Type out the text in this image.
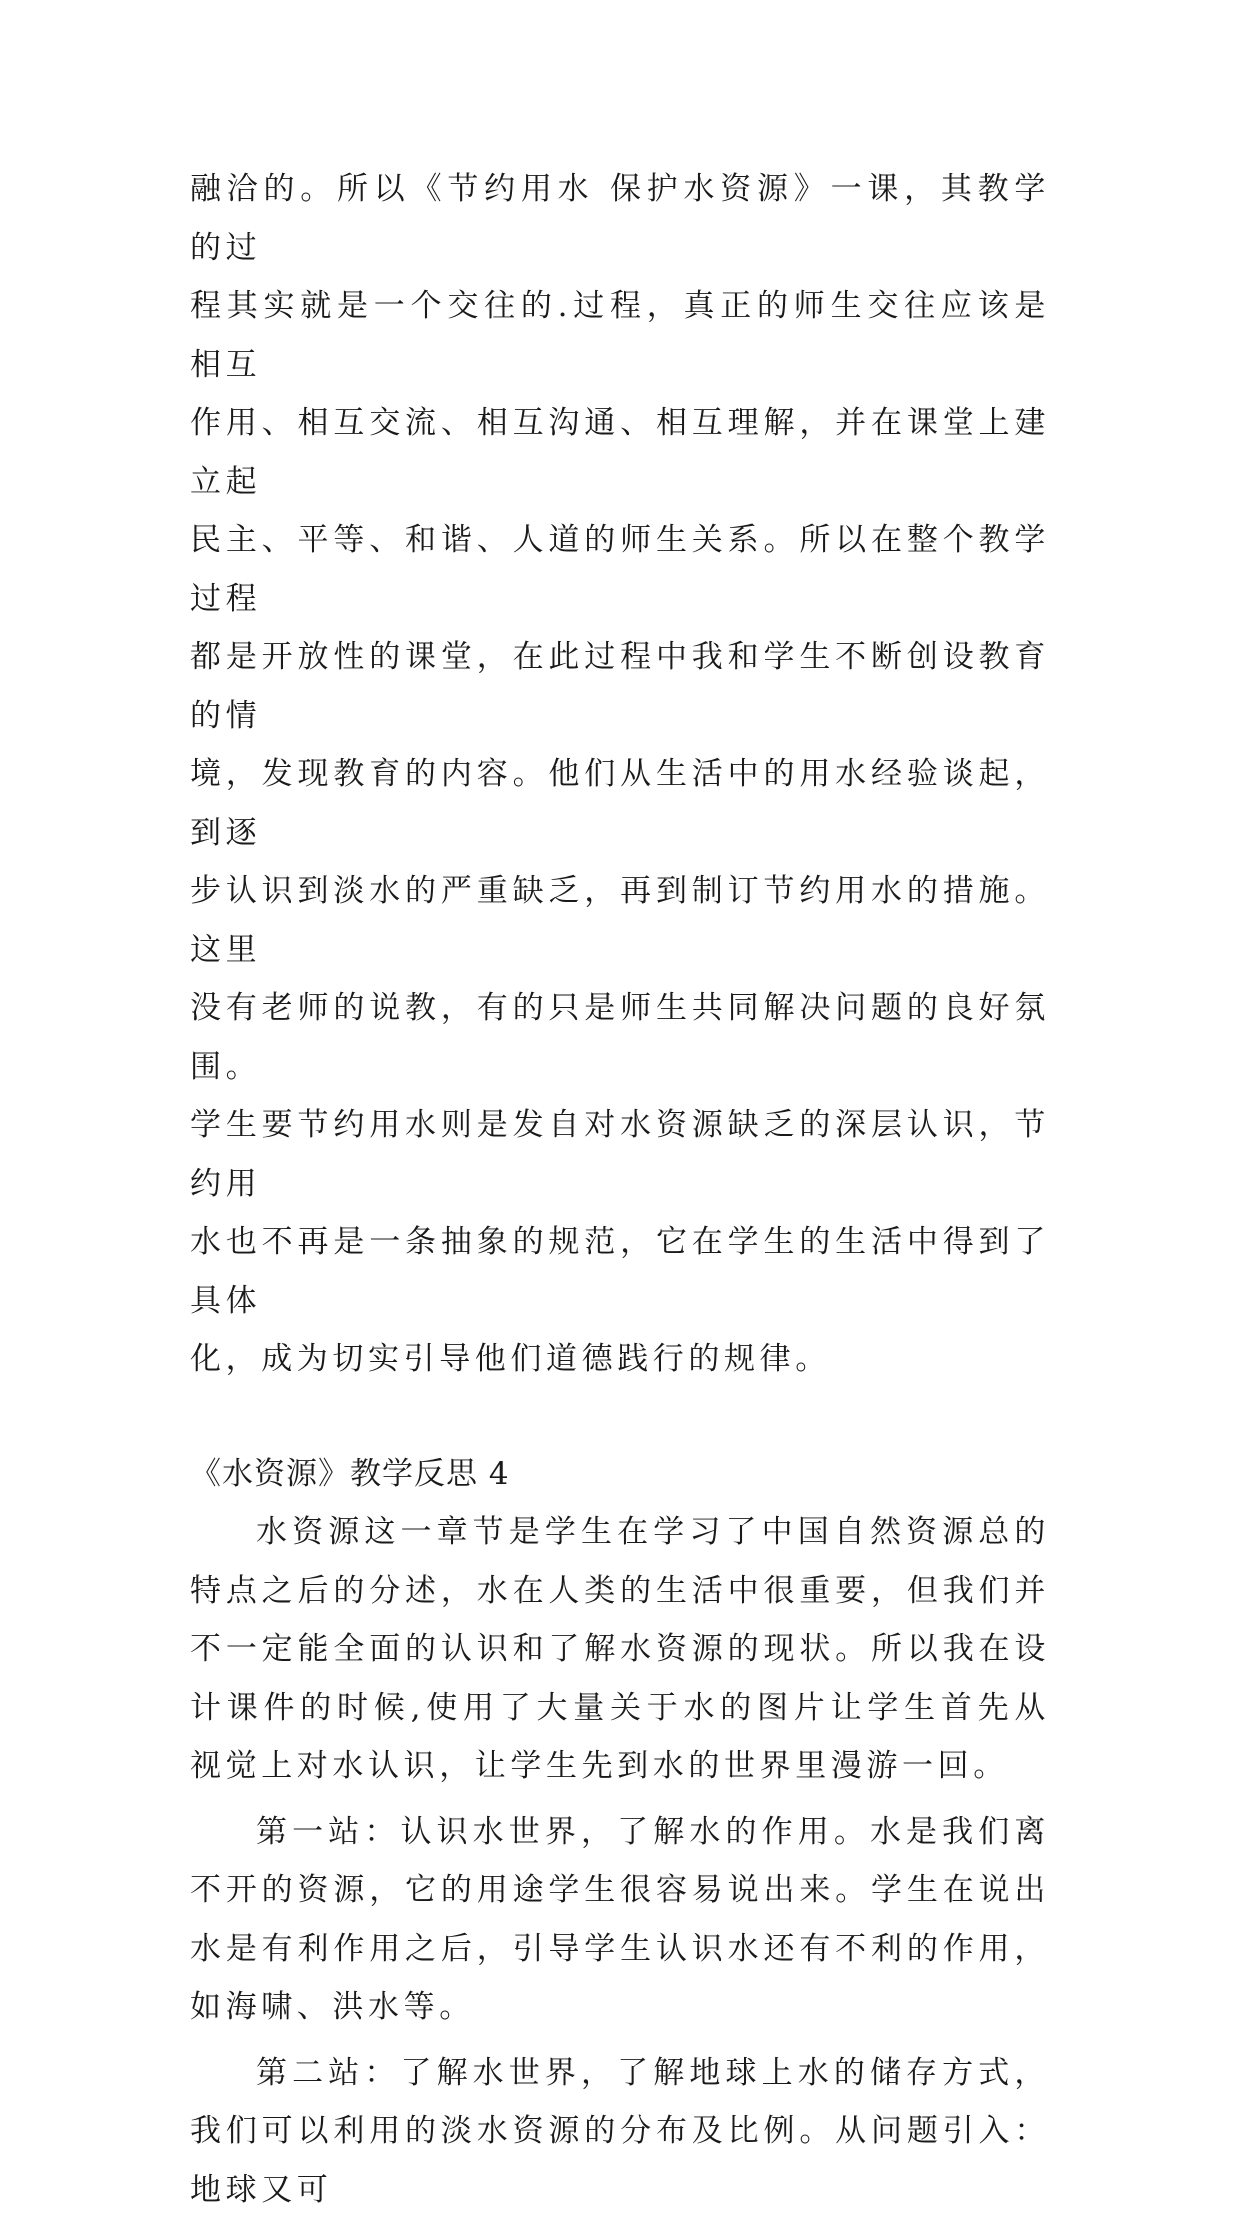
融洽的。所以《节约用水 保护水资源》一课，其教学的过
程其实就是一个交往的.过程，真正的师生交往应该是相互
作用、相互交流、相互沟通、相互理解，并在课堂上建立起
民主、平等、和谐、人道的师生关系。所以在整个教学过程
都是开放性的课堂，在此过程中我和学生不断创设教育的情
境，发现教育的内容。他们从生活中的用水经验谈起，到逐
步认识到淡水的严重缺乏，再到制订节约用水的措施。这里
没有老师的说教，有的只是师生共同解决问题的良好氛围。
学生要节约用水则是发自对水资源缺乏的深层认识，节约用
水也不再是一条抽象的规范，它在学生的生活中得到了具体
化，成为切实引导他们道德践行的规律。
《水资源》教学反思 4

水资源这一章节是学生在学习了中国自然资源总的特点之后的分述，水在人类的生活中很重要，但我们并不一定能全面的认识和了解水资源的现状。所以我在设计课件的时候,使用了大量关于水的图片让学生首先从视觉上对水认识，让学生先到水的世界里漫游一回。

第一站：认识水世界，了解水的作用。水是我们离不开的资源，它的用途学生很容易说出来。学生在说出水是有利作用之后，引导学生认识水还有不利的作用，如海啸、洪水等。

第二站：了解水世界，了解地球上水的储存方式，我们可以利用的淡水资源的分布及比例。从问题引入：地球又可
